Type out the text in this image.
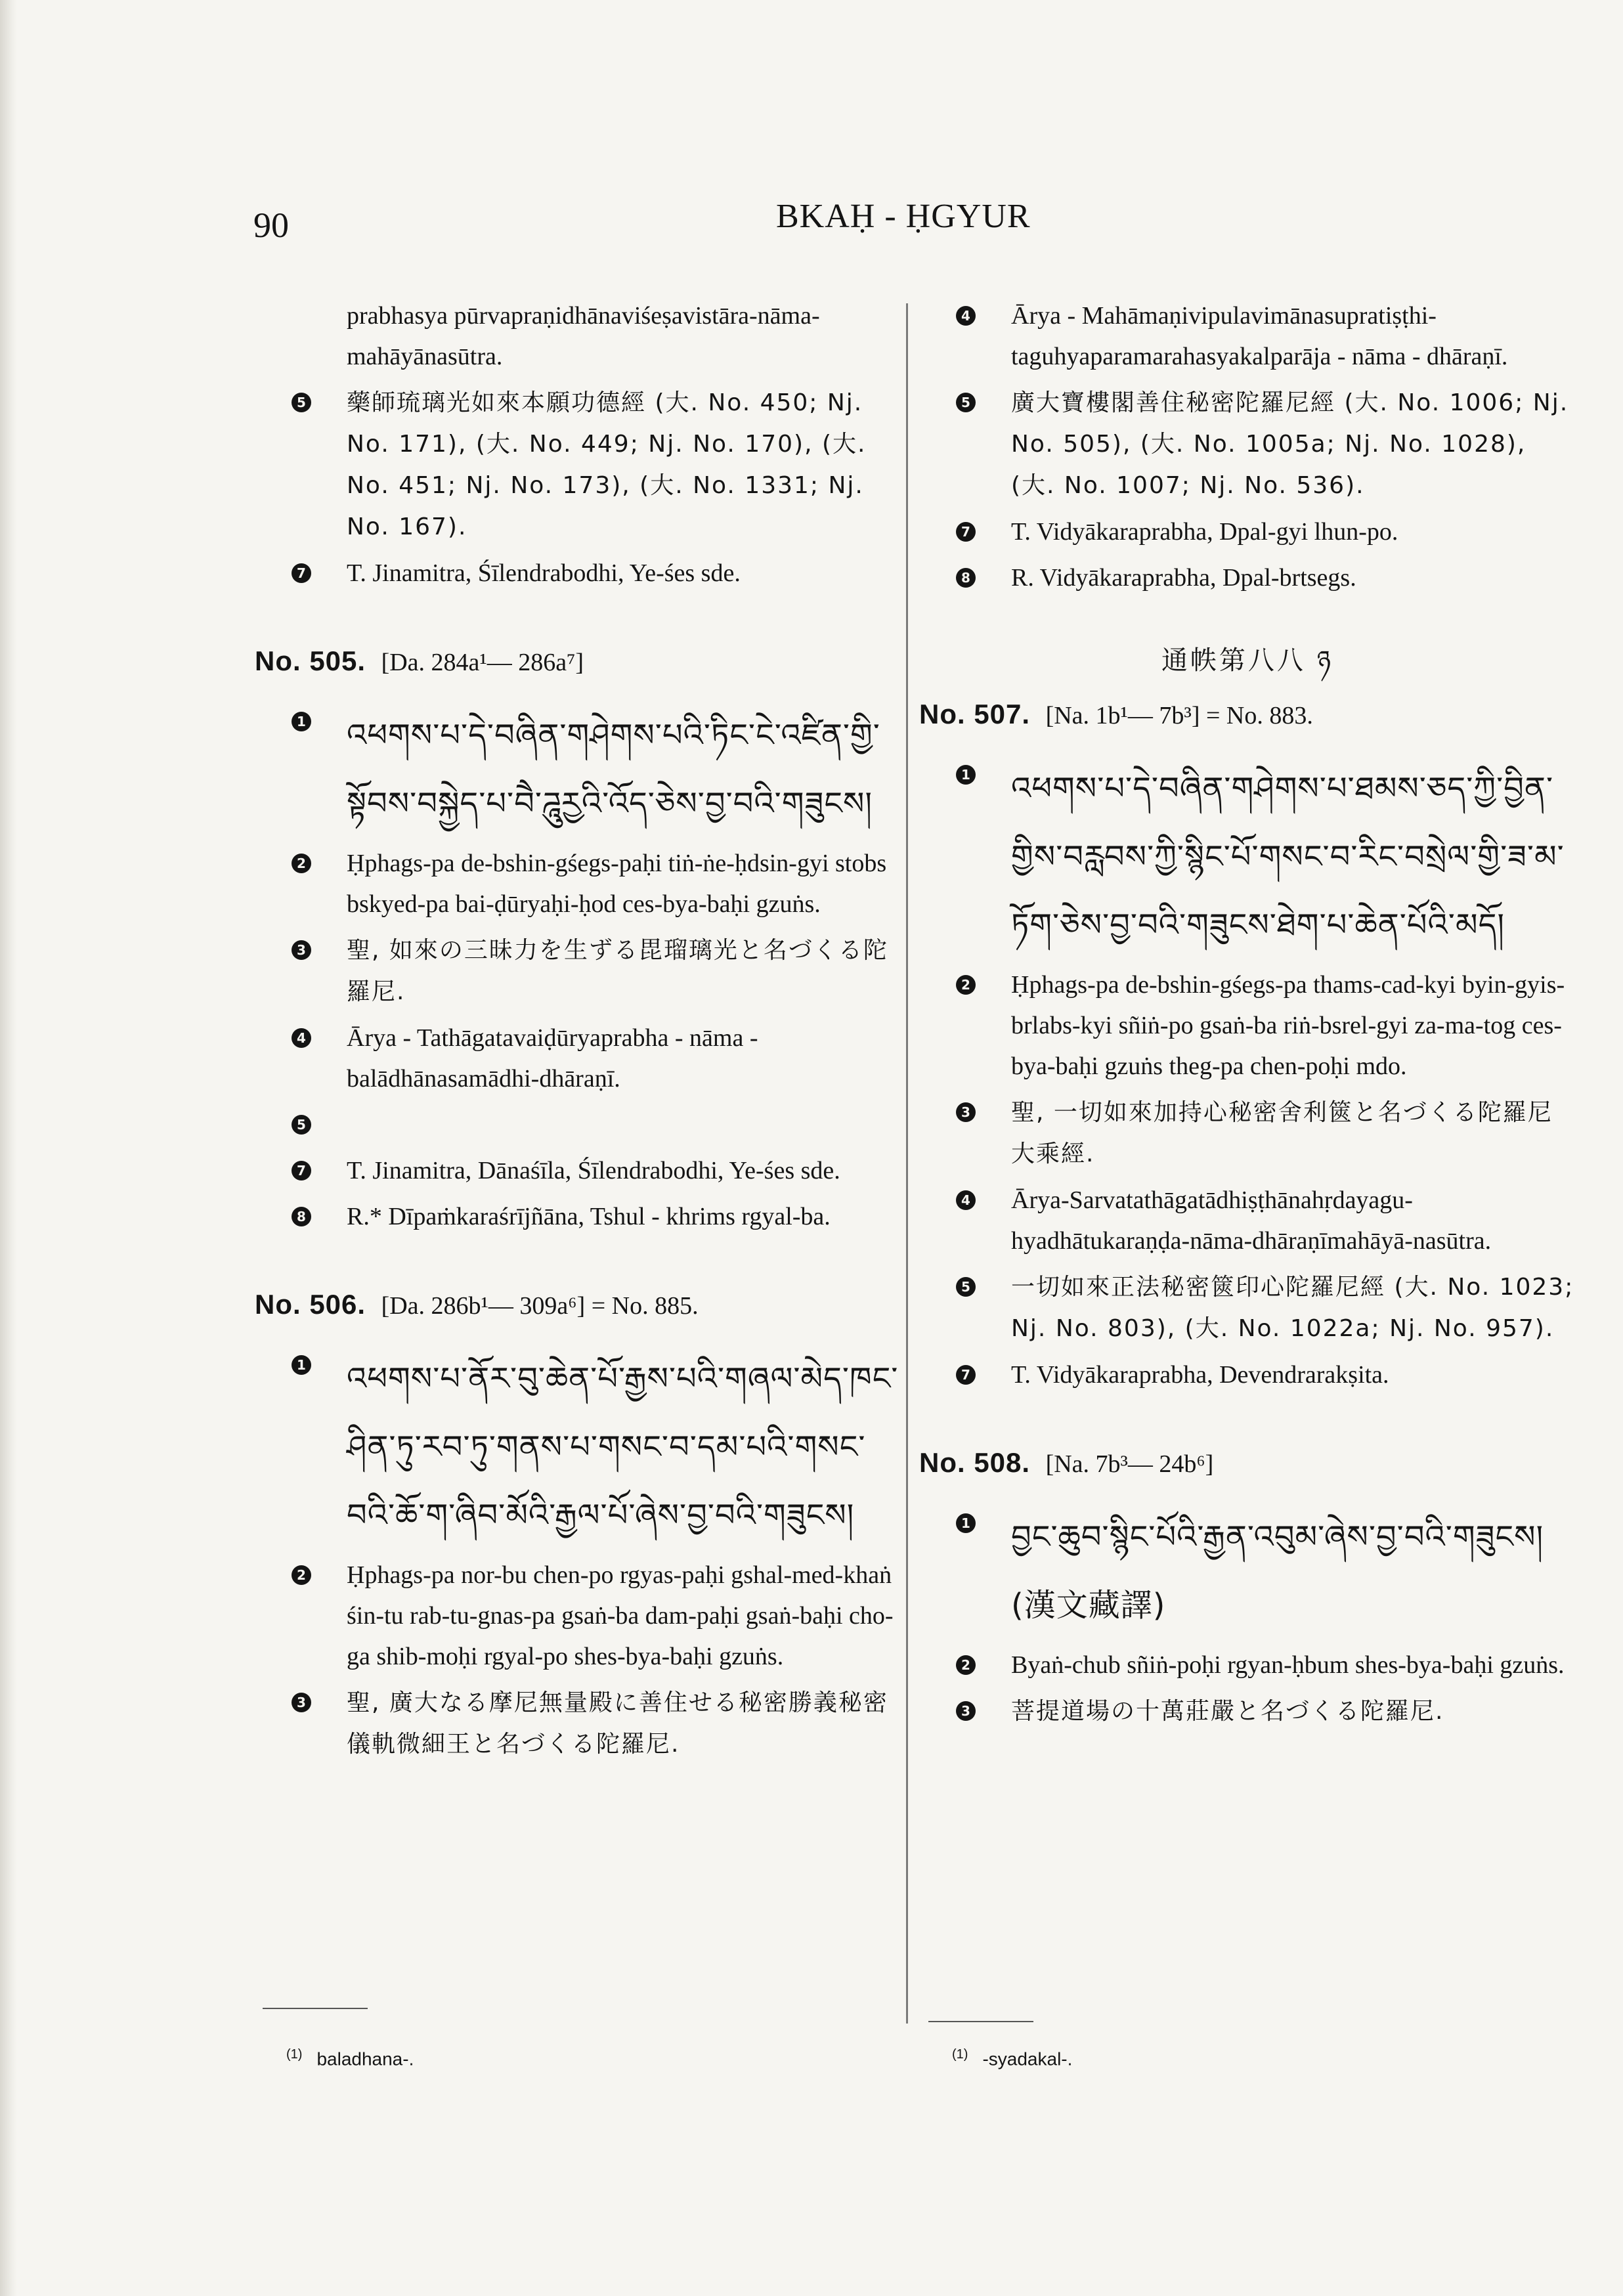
90	BKAḤ - ḤGYUR
prabhasya pūrvapraṇidhānaviśeṣavistāra-nāma-mahāyānasūtra.
5 藥師琉璃光如來本願功德經 (大. No. 450; Nj. No. 171), (大. No. 449; Nj. No. 170), (大. No. 451; Nj. No. 173), (大. No. 1331; Nj. No. 167).
7 T. Jinamitra, Śīlendrabodhi, Ye-śes sde.
No. 505. [Da. 284a¹— 286a⁷]
1 འཕགས་པ་དེ་བཞིན་གཤེགས་པའི་ཏིང་ངེ་འཛིན་གྱི་སྟོབས་བསྐྱེད་པ་བཻ་ཌཱུརྱའི་འོད་ཅེས་བྱ་བའི་གཟུངས།
2 Ḥphags-pa de-bshin-gśegs-paḥi tiṅ-ṅe-ḥdsin-gyi stobs bskyed-pa bai-ḍūryaḥi-ḥod ces-bya-baḥi gzuṅs.
3 聖, 如來の三昧力を生ずる毘瑠璃光と名づくる陀羅尼.
4 Ārya - Tathāgatavaiḍūryaprabha - nāma - balādhānasamādhi-dhāraṇī.
5
7 T. Jinamitra, Dānaśīla, Śīlendrabodhi, Ye-śes sde.
8 R.* Dīpaṁkaraśrījñāna, Tshul - khrims rgyal-ba.
No. 506. [Da. 286b¹— 309a⁶] = No. 885.
1 འཕགས་པ་ནོར་བུ་ཆེན་པོ་རྒྱས་པའི་གཞལ་མེད་ཁང་ཤིན་ཏུ་རབ་ཏུ་གནས་པ་གསང་བ་དམ་པའི་གསང་བའི་ཆོ་ག་ཞིབ་མོའི་རྒྱལ་པོ་ཞེས་བྱ་བའི་གཟུངས།
2 Ḥphags-pa nor-bu chen-po rgyas-paḥi gshal-med-khaṅ śin-tu rab-tu-gnas-pa gsaṅ-ba dam-paḥi gsaṅ-baḥi cho-ga shib-moḥi rgyal-po shes-bya-baḥi gzuṅs.
3 聖, 廣大なる摩尼無量殿に善住せる秘密勝義秘密儀軌微細王と名づくる陀羅尼.
$^{(1)}$ baladhana-.
4 Ārya - Mahāmaṇivipulavimānasupratiṣṭhi-taguhyaparamarahasyakalparāja - nāma - dhāraṇī.
5 廣大寶樓閣善住秘密陀羅尼經 (大. No. 1006; Nj. No. 505), (大. No. 1005a; Nj. No. 1028), (大. No. 1007; Nj. No. 536).
7 T. Vidyākaraprabha, Dpal-gyi lhun-po.
8 R. Vidyākaraprabha, Dpal-brtsegs.
通帙第八八 ཉ
No. 507. [Na. 1b¹— 7b³] = No. 883.
1 འཕགས་པ་དེ་བཞིན་གཤེགས་པ་ཐམས་ཅད་ཀྱི་བྱིན་གྱིས་བརླབས་ཀྱི་སྙིང་པོ་གསང་བ་རིང་བསྲེལ་གྱི་ཟ་མ་ཏོག་ཅེས་བྱ་བའི་གཟུངས་ཐེག་པ་ཆེན་པོའི་མདོ།
2 Ḥphags-pa de-bshin-gśegs-pa thams-cad-kyi byin-gyis-brlabs-kyi sñiṅ-po gsaṅ-ba riṅ-bsrel-gyi za-ma-tog ces-bya-baḥi gzuṅs theg-pa chen-poḥi mdo.
3 聖, 一切如來加持心秘密舍利篋と名づくる陀羅尼大乘經.
4 Ārya-Sarvatathāgatādhiṣṭhānahṛdayagu-hyadhātukaraṇḍa-nāma-dhāraṇīmahāyā-nasūtra.
5 一切如來正法秘密篋印心陀羅尼經 (大. No. 1023; Nj. No. 803), (大. No. 1022a; Nj. No. 957).
7 T. Vidyākaraprabha, Devendrarakṣita.
No. 508. [Na. 7b³— 24b⁶]
1 བྱང་ཆུབ་སྙིང་པོའི་རྒྱན་འབུམ་ཞེས་བྱ་བའི་གཟུངས། (漢文藏譯)
2 Byaṅ-chub sñiṅ-poḥi rgyan-ḥbum shes-bya-baḥi gzuṅs.
3 菩提道場の十萬莊嚴と名づくる陀羅尼.
$^{(1)}$ -syadakal-.
